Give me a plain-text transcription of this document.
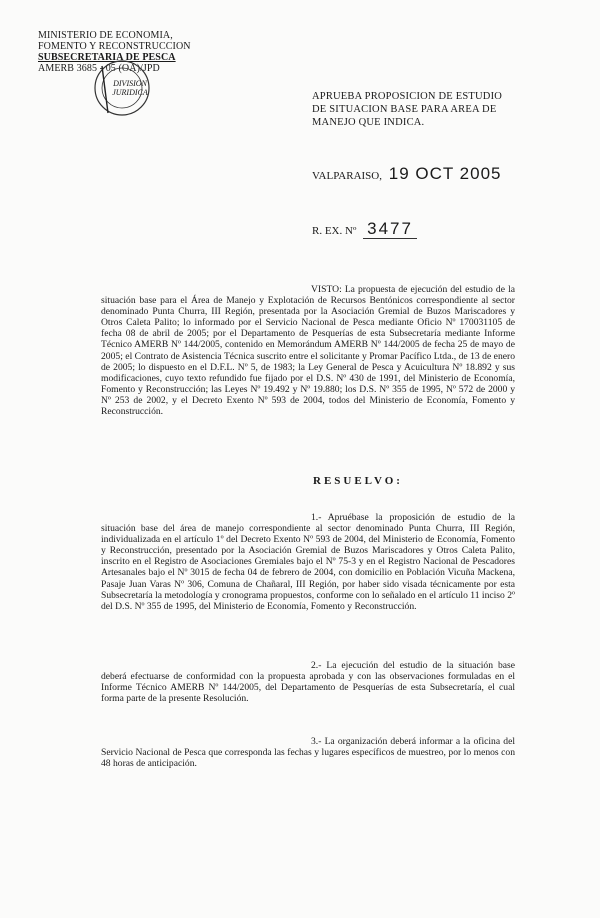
MINISTERIO DE ECONOMIA,
FOMENTO Y RECONSTRUCCION
SUBSECRETARIA DE PESCA
AMERB 3685 - 05 (OA)/JPD
DIVISION
JURIDICA	APRUEBA PROPOSICION DE ESTUDIO
DE SITUACION BASE PARA AREA DE
MANEJO QUE INDICA.
VALPARAISO, 19 OCT 2005
R. EX. Nº 3477
VISTO: La propuesta de ejecución del estudio de la situación base para el Área de Manejo y Explotación de Recursos Bentónicos correspondiente al sector denominado Punta Churra, III Región, presentada por la Asociación Gremial de Buzos Mariscadores y Otros Caleta Palito; lo informado por el Servicio Nacional de Pesca mediante Oficio Nº 170031105 de fecha 08 de abril de 2005; por el Departamento de Pesquerías de esta Subsecretaría mediante Informe Técnico AMERB Nº 144/2005, contenido en Memorándum AMERB Nº 144/2005 de fecha 25 de mayo de 2005; el Contrato de Asistencia Técnica suscrito entre el solicitante y Promar Pacífico Ltda., de 13 de enero de 2005; lo dispuesto en el D.F.L. Nº 5, de 1983; la Ley General de Pesca y Acuicultura Nº 18.892 y sus modificaciones, cuyo texto refundido fue fijado por el D.S. Nº 430 de 1991, del Ministerio de Economía, Fomento y Reconstrucción; las Leyes Nº 19.492 y Nº 19.880; los D.S. Nº 355 de 1995, Nº 572 de 2000 y Nº 253 de 2002, y el Decreto Exento Nº 593 de 2004, todos del Ministerio de Economía, Fomento y Reconstrucción.
RESUELVO:
1.- Apruébase la proposición de estudio de la situación base del área de manejo correspondiente al sector denominado Punta Churra, III Región, individualizada en el artículo 1º del Decreto Exento Nº 593 de 2004, del Ministerio de Economía, Fomento y Reconstrucción, presentado por la Asociación Gremial de Buzos Mariscadores y Otros Caleta Palito, inscrito en el Registro de Asociaciones Gremiales bajo el Nº 75-3 y en el Registro Nacional de Pescadores Artesanales bajo el Nº 3015 de fecha 04 de febrero de 2004, con domicilio en Población Vicuña Mackena, Pasaje Juan Varas Nº 306, Comuna de Chañaral, III Región, por haber sido visada técnicamente por esta Subsecretaría la metodología y cronograma propuestos, conforme con lo señalado en el artículo 11 inciso 2º del D.S. Nº 355 de 1995, del Ministerio de Economía, Fomento y Reconstrucción.
2.- La ejecución del estudio de la situación base deberá efectuarse de conformidad con la propuesta aprobada y con las observaciones formuladas en el Informe Técnico AMERB Nº 144/2005, del Departamento de Pesquerías de esta Subsecretaría, el cual forma parte de la presente Resolución.
3.- La organización deberá informar a la oficina del Servicio Nacional de Pesca que corresponda las fechas y lugares específicos de muestreo, por lo menos con 48 horas de anticipación.
